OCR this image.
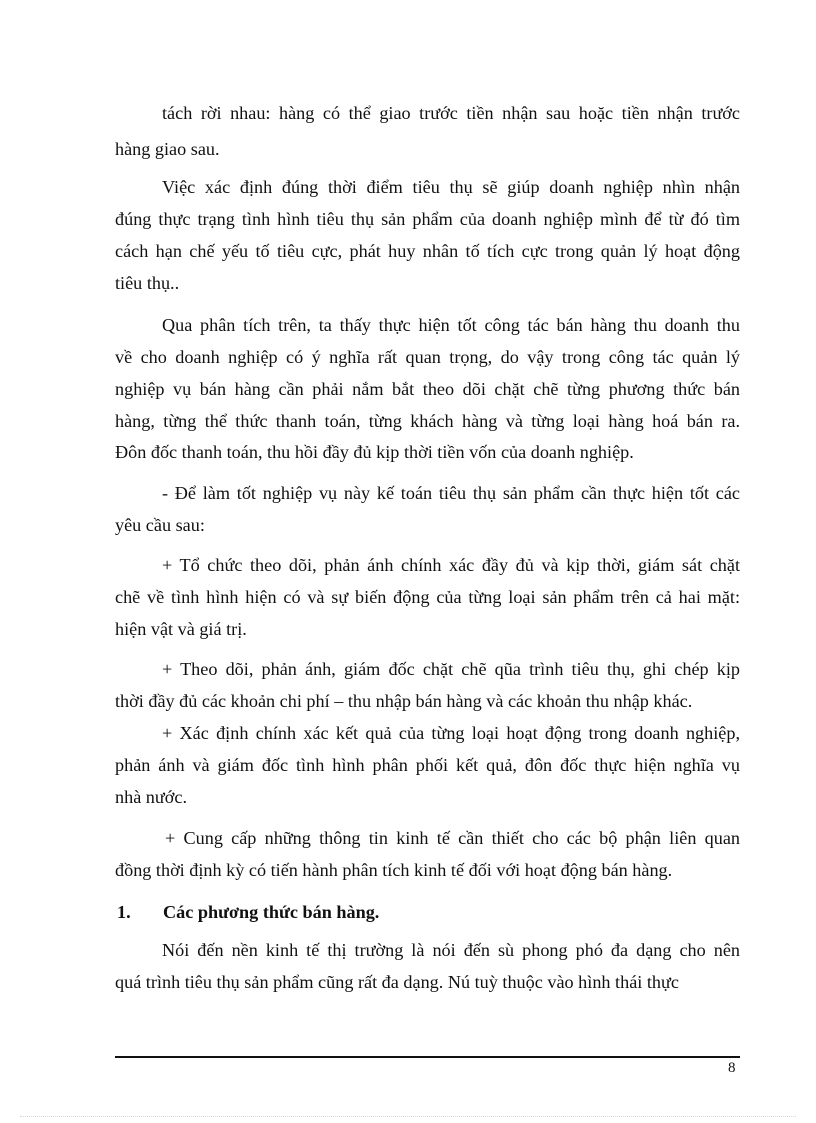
tách rời nhau: hàng có thể giao trước tiền nhận sau hoặc tiền nhận trước

hàng giao sau.

Việc xác định đúng thời điểm tiêu thụ sẽ giúp doanh nghiệp nhìn nhận

đúng thực trạng tình hình tiêu thụ sản phẩm của doanh nghiệp mình để từ đó tìm

cách hạn chế yếu tố tiêu cực, phát huy nhân tố tích cực trong quản lý hoạt động

tiêu thụ..

Qua phân tích trên, ta thấy thực hiện tốt công tác bán hàng thu doanh thu

về cho doanh nghiệp có ý nghĩa rất quan trọng, do vậy trong công tác quản lý

nghiệp vụ bán hàng cần phải nắm bắt theo dõi chặt chẽ từng phương thức bán

hàng, từng thể thức thanh toán, từng khách hàng và từng loại hàng hoá bán ra.

Đôn đốc thanh toán, thu hồi đầy đủ kịp thời tiền vốn của doanh nghiệp.

- Để làm tốt nghiệp vụ này kế toán tiêu thụ sản phẩm cần thực hiện tốt các

yêu cầu sau:

+ Tổ chức theo dõi, phản ánh chính xác đầy đủ và kịp thời, giám sát chặt

chẽ về tình hình hiện có và sự biến động của từng loại sản phẩm trên cả hai mặt:

hiện vật và giá trị.

+ Theo dõi, phản ánh, giám đốc chặt chẽ qũa trình tiêu thụ, ghi chép kịp

thời đầy đủ các khoản chi phí – thu nhập bán hàng và các khoản thu nhập khác.

+ Xác định chính xác kết quả của từng loại hoạt động trong doanh nghiệp,

phản ánh và giám đốc tình hình phân phối kết quả, đôn đốc thực hiện nghĩa vụ

nhà nước.

+ Cung cấp những thông tin kinh tế cần thiết cho các bộ phận liên quan

đồng thời định kỳ có tiến hành phân tích kinh tế đối với hoạt động bán hàng.

1. Các phương thức bán hàng.

Nói đến nền kinh tế thị trường là nói đến sù phong phó đa dạng cho nên

quá trình tiêu thụ sản phẩm cũng rất đa dạng. Nú tuỳ thuộc vào hình thái thực

8
